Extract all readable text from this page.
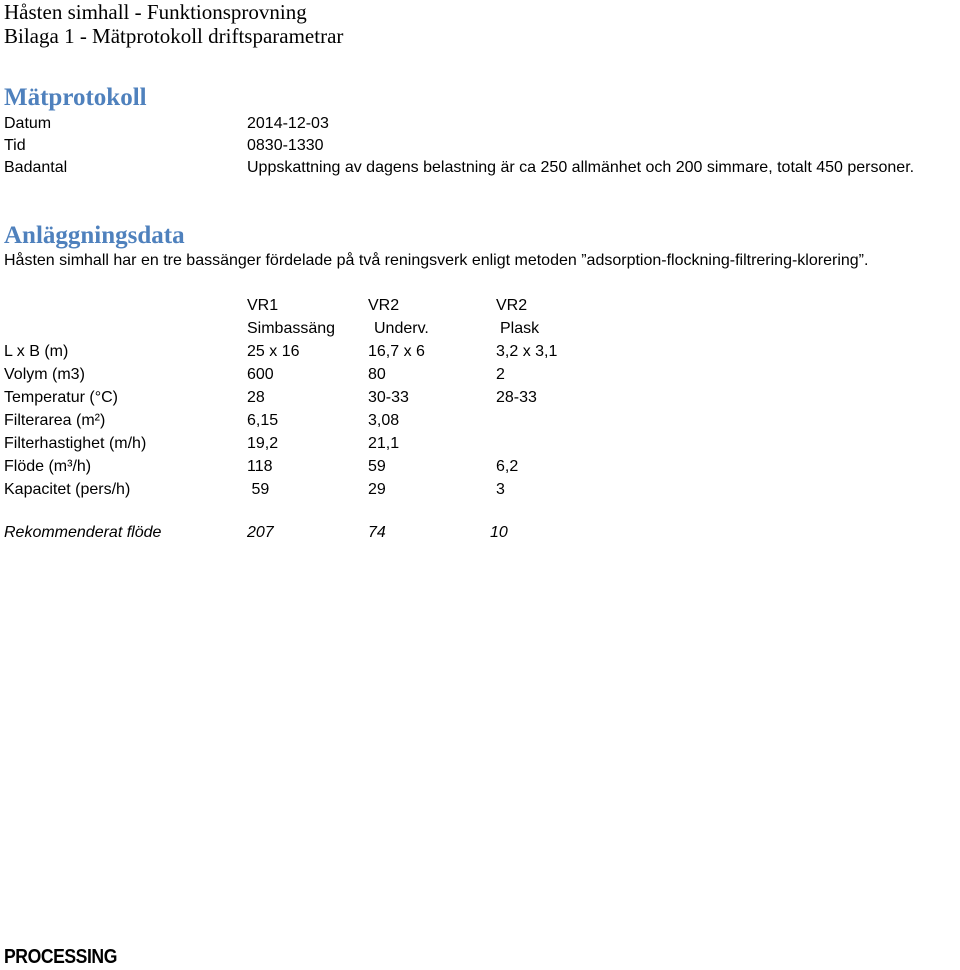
Håsten simhall - Funktionsprovning
Bilaga 1 - Mätprotokoll driftsparametrar
Mätprotokoll
Datum	2014-12-03
Tid	0830-1330
Badantal	Uppskattning av dagens belastning är ca 250 allmänhet och 200 simmare, totalt 450 personer.
Anläggningsdata
Håsten simhall har en tre bassänger fördelade på två reningsverk enligt metoden ”adsorption-flockning-filtrering-klorering”.
	VR1	VR2	VR2
	Simbassäng	Underv.	Plask
L x B (m)	25 x 16	16,7 x 6	3,2 x 3,1
Volym (m3)	600	80	2
Temperatur (°C)	28	30-33	28-33
Filterarea (m²)	6,15	3,08	
Filterhastighet (m/h)	19,2	21,1	
Flöde (m³/h)	118	59	6,2
Kapacitet (pers/h)	59	29	3
Rekommenderat flöde	207	74	10
PROCESSING
